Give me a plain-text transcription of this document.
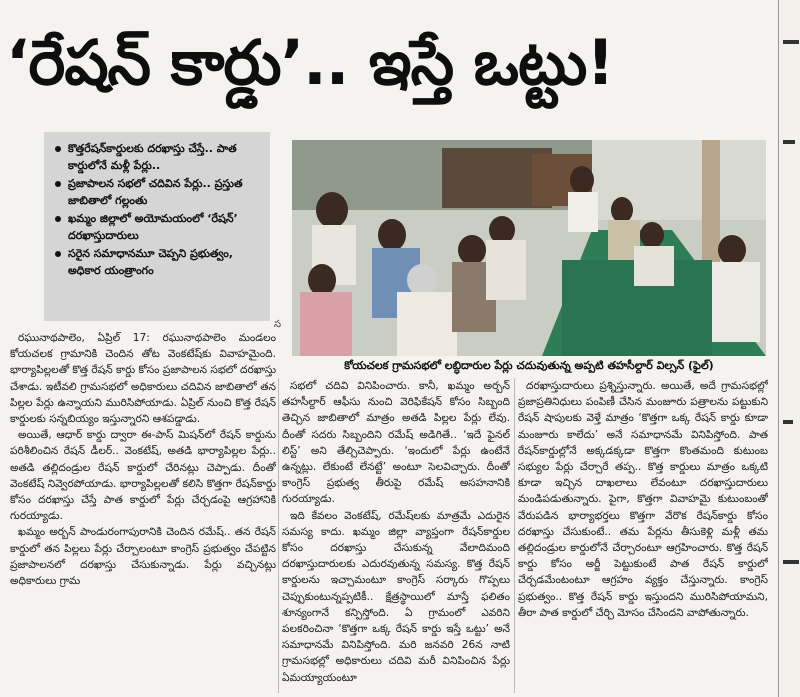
‘రేషన్‌ కార్డు’.. ఇస్తే ఒట్టు!
కొత్తరేషన్‌కార్డులకు దరఖాస్తు చేస్తే.. పాత కార్డులోనే మళ్లీ పేర్లు..
ప్రజాపాలన సభలో చదివిన పేర్లు.. ప్రస్తుత జాబితాలో గల్లంతు
ఖమ్మం జిల్లాలో అయోమయంలో ‘రేషన్‌’ దరఖాస్తుదారులు
సరైన సమాధానమూ చెప్పని ప్రభుత్వం, అధికార యంత్రాంగం
స
కోయచలక గ్రామసభలో లబ్ధిదారుల పేర్లు చదువుతున్న అప్పటి తహసీల్దార్‌ విల్సన్‌ (ఫైల్‌)

రఘునాథపాలెం, ఏప్రిల్‌ 17: రఘునాథపాలెం మండలం కోయచలక గ్రామానికి చెందిన తోట వెంకటేష్‌కు వివాహమైంది. భార్యాపిల్లలతో కొత్త రేషన్‌ కార్డు కోసం ప్రజాపాలన సభలో దరఖాస్తు చేశాడు. ఇటీవలి గ్రామసభలో అధికారులు చదివిన జాబితాలో తన పిల్లల పేర్లు ఉన్నాయని మురిసిపోయాడు. ఏప్రిల్‌ నుంచి కొత్త రేషన్‌ కార్డులకు సన్నబియ్యం ఇస్తున్నారని ఆశపడ్డాడు.

అయితే, ఆధార్‌ కార్డు ద్వారా ఈ-పాస్‌ మిషన్‌లో రేషన్‌ కార్డును పరిశీలించిన రేషన్‌ డీలర్‌.. వెంకటేష్‌, అతడి భార్యాపిల్లల పేర్లు.. అతడి తల్లిదండ్రుల రేషన్‌ కార్డులో చేరినట్లు చెప్పాడు. దీంతో వెంకటేష్‌ నివ్వెరపోయాడు. భార్యాపిల్లలతో కలిసి కొత్తగా రేషన్‌కార్డు కోసం దరఖాస్తు చేస్తే పాత కార్డులో పేర్లు చేర్చడంపై ఆగ్రహానికి గురయ్యాడు.

ఖమ్మం అర్బన్‌ పాండురంగాపురానికి చెందిన రమేష్‌.. తన రేషన్‌ కార్డులో తన పిల్లలు పేర్లు చేర్చాలంటూ కాంగ్రెస్‌ ప్రభుత్వం చేపట్టిన ప్రజాపాలనలో దరఖాస్తు చేసుకున్నాడు. పేర్లు వచ్చినట్లు అధికారులు గ్రామ

సభలో చదివి వినిపించారు. కానీ, ఖమ్మం అర్బన్‌ తహసీల్దార్‌ ఆఫీసు నుంచి వెరిఫికేషన్‌ కోసం సిబ్బంది తెచ్చిన జాబితాలో మాత్రం అతడి పిల్లల పేర్లు లేవు. దీంతో సదరు సిబ్బందిని రమేష్‌ అడిగితే.. ‘ఇదే ఫైనల్‌ లిస్ట్‌’ అని తేల్చిచెప్పారు. ‘ఇందులో పేర్లు ఉంటేనే ఉన్నట్లు. లేకుంటే లేనట్టే’ అంటూ సెలవిచ్చారు. దీంతో కాంగ్రెస్‌ ప్రభుత్వ తీరుపై రమేష్‌ అసహనానికి గురయ్యాడు.

ఇది కేవలం వెంకటేష్‌, రమేష్‌లకు మాత్రమే ఎదురైన సమస్య కాదు. ఖమ్మం జిల్లా వ్యాప్తంగా రేషన్‌కార్డుల కోసం దరఖాస్తు చేసుకున్న వేలాదిమంది దరఖాస్తుదారులకు ఎదురవుతున్న సమస్య. కొత్త రేషన్‌ కార్డులను ఇచ్చామంటూ కాంగ్రెస్‌ సర్కారు గొప్పలు చెప్పుకుంటున్నప్పటికీ.. క్షేత్రస్థాయిలో మాస్తే ఫలితం శూన్యంగానే కన్పిస్తోంది. ఏ గ్రామంలో ఎవరిని పలకరించినా ‘కొత్తగా ఒక్క రేషన్‌ కార్డు ఇస్తే ఒట్టు’ అనే సమాధానమే వినిపిస్తోంది. మరి జనవరి 26న నాటి గ్రామసభల్లో అధికారులు చదివి మరీ వినిపించిన పేర్లు ఏమయ్యాయంటూ

దరఖాస్తుదారులు ప్రశ్నిస్తున్నారు. అయితే, అదే గ్రామసభల్లో ప్రజాప్రతినిధులు పంపిణీ చేసిన మంజూరు పత్రాలను పట్టుకుని రేషన్‌ షాపులకు వెళ్తే మాత్రం ‘కొత్తగా ఒక్క రేషన్‌ కార్డు కూడా మంజూరు కాలేదు’ అనే సమాధానమే వినిపిస్తోంది. పాత రేషన్‌కార్డుల్లోనే అక్కడక్కడా కొత్తగా కొంతమంది కుటుంబ సభ్యుల పేర్లు చేర్చారే తప్ప.. కొత్త కార్డులు మాత్రం ఒక్కటి కూడా ఇచ్చిన దాఖలాలు లేవంటూ దరఖాస్తుదారులు మండిపడుతున్నారు. పైగా, కొత్తగా వివాహమై కుటుంబంతో వేరుపడిన భార్యాభర్తలు కొత్తగా వేరొక రేషన్‌కార్డు కోసం దరఖాస్తు చేసుకుంటే.. తమ పేర్లను తీసుకెళ్లి మళ్లీ తమ తల్లిదండ్రుల కార్డులోనే చేర్చారంటూ ఆగ్రహించారు. కొత్త రేషన్‌ కార్డు కోసం అర్జీ పెట్టుకుంటే పాత రేషన్‌ కార్డులో చేర్చడమేంటంటూ ఆగ్రహం వ్యక్తం చేస్తున్నారు. కాంగ్రెస్‌ ప్రభుత్వం.. కొత్త రేషన్‌ కార్డు ఇస్తుందని మురిసిపోయామని, తీరా పాత కార్డులో చేర్చి మోసం చేసిందని వాపోతున్నారు.
